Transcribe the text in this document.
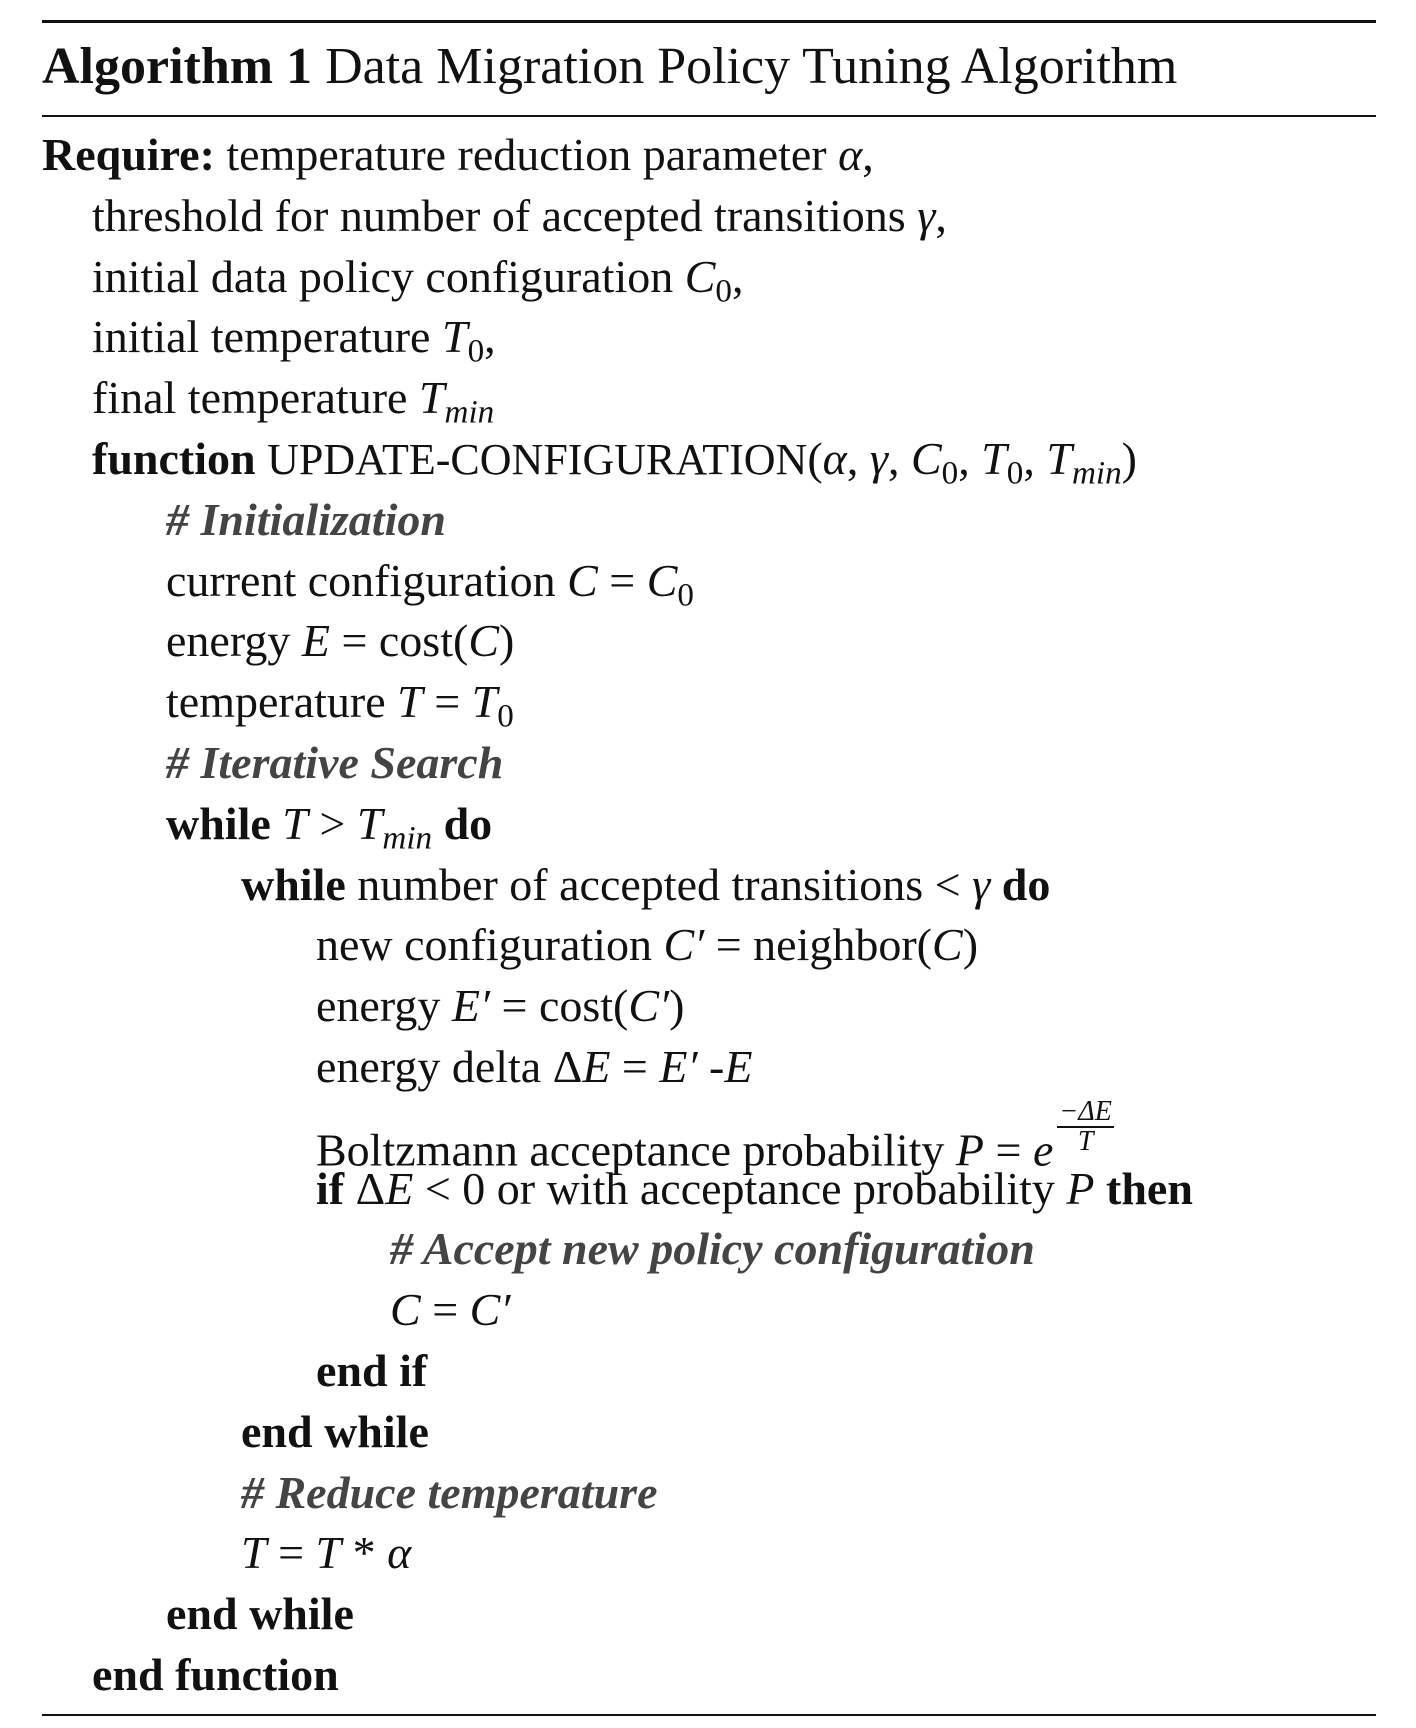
Algorithm 1 Data Migration Policy Tuning Algorithm
Require: temperature reduction parameter α,
threshold for number of accepted transitions γ,
initial data policy configuration $C_0$,
initial temperature $T_0$,
final temperature $T_{min}$
function UPDATE-CONFIGURATION(α, γ, $C_0$, $T_0$, $T_{min}$)
# Initialization
current configuration $C = C_0$
energy E = cost(C)
temperature $T = T_0$
# Iterative Search
while $T > T_{min}$ do
while number of accepted transitions < γ do
new configuration C′ = neighbor(C)
energy E′ = cost(C′)
energy delta ΔE = E′ -E
Boltzmann acceptance probability P = e $\frac{-\Delta E}{T}$
if ΔE < 0 or with acceptance probability P then
# Accept new policy configuration
C = C′
end if
end while
# Reduce temperature
T = T * α
end while
end function
